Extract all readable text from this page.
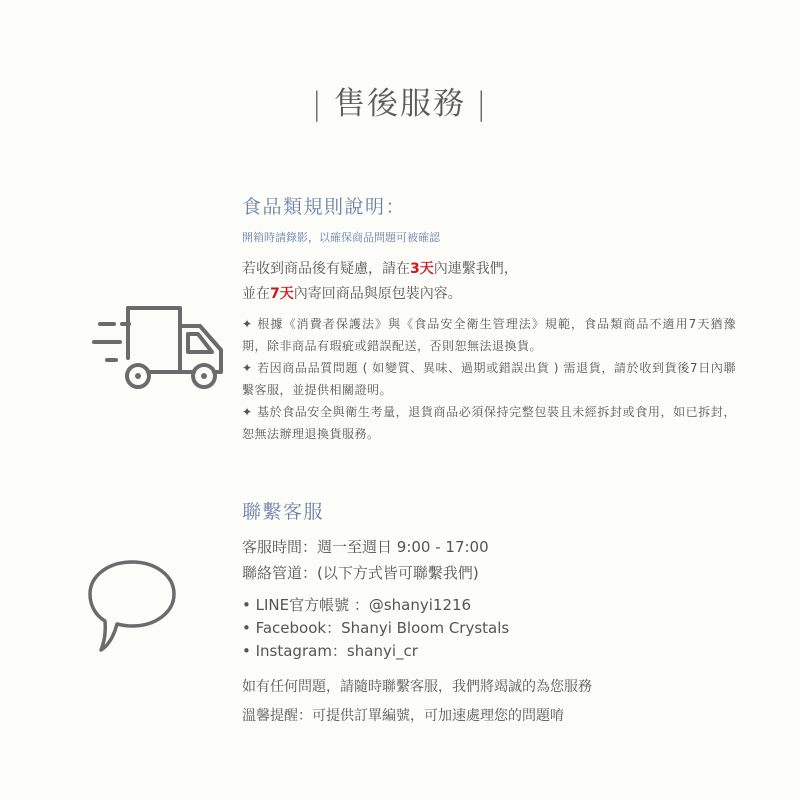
| 售後服務 |
食品類規則說明：
開箱時請錄影，以確保商品問題可被確認
若收到商品後有疑慮，請在3天內連繫我們，
並在7天內寄回商品與原包裝內容。

✦ 根據《消費者保護法》與《食品安全衛生管理法》規範，食品類商品不適用7天猶豫期，除非商品有瑕疵或錯誤配送，否則恕無法退換貨。

✦ 若因商品品質問題 ( 如變質、異味、過期或錯誤出貨 ) 需退貨，請於收到貨後7日內聯繫客服，並提供相關證明。

✦ 基於食品安全與衛生考量，退貨商品必須保持完整包裝且未經拆封或食用，如已拆封，恕無法辦理退換貨服務。

聯繫客服
客服時間：週一至週日 9:00 - 17:00
聯絡管道：(以下方式皆可聯繫我們)
• LINE官方帳號 ：@shanyi1216
• Facebook：Shanyi Bloom Crystals
• Instagram：shanyi_cr
如有任何問題，請隨時聯繫客服，我們將竭誠的為您服務
溫馨提醒：可提供訂單編號，可加速處理您的問題唷
